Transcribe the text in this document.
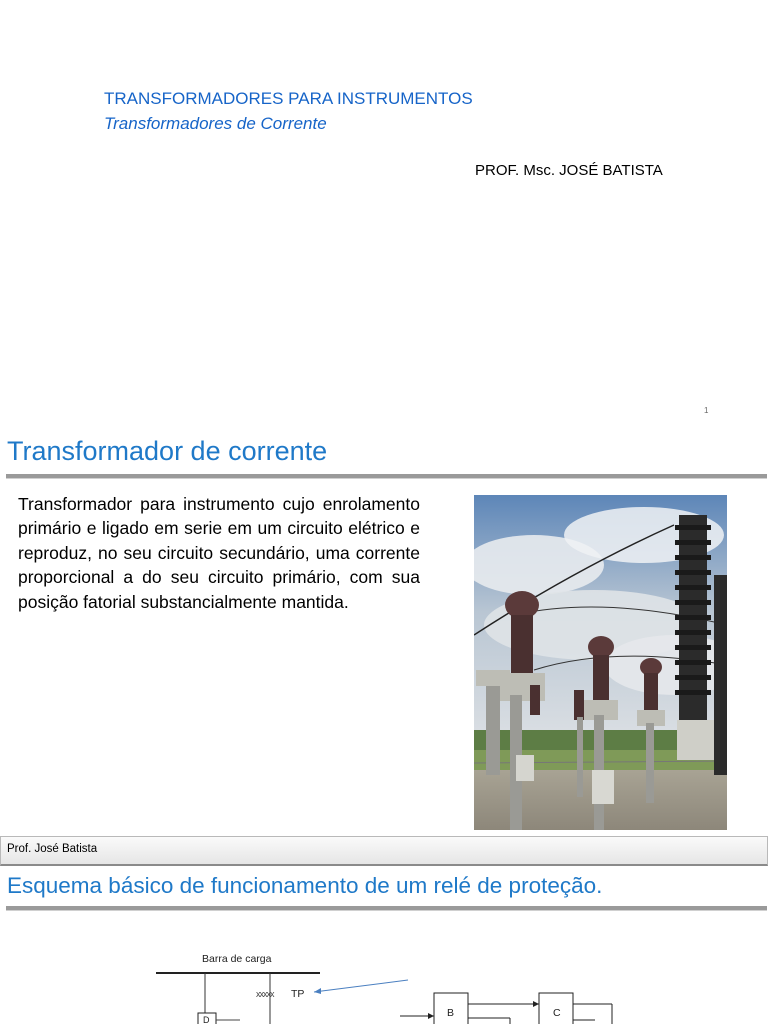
TRANSFORMADORES PARA INSTRUMENTOS
Transformadores de Corrente
PROF. Msc. JOSÉ BATISTA
1
Transformador de corrente
Transformador para instrumento cujo enrolamento primário e ligado em serie em um circuito elétrico e reproduz, no seu circuito secundário, uma corrente proporcional a do seu circuito primário, com sua posição fatorial substancialmente mantida.
Prof. José Batista
Esquema básico de funcionamento de um relé de proteção.
Barra de carga
xxxxx TP
D
B	C
